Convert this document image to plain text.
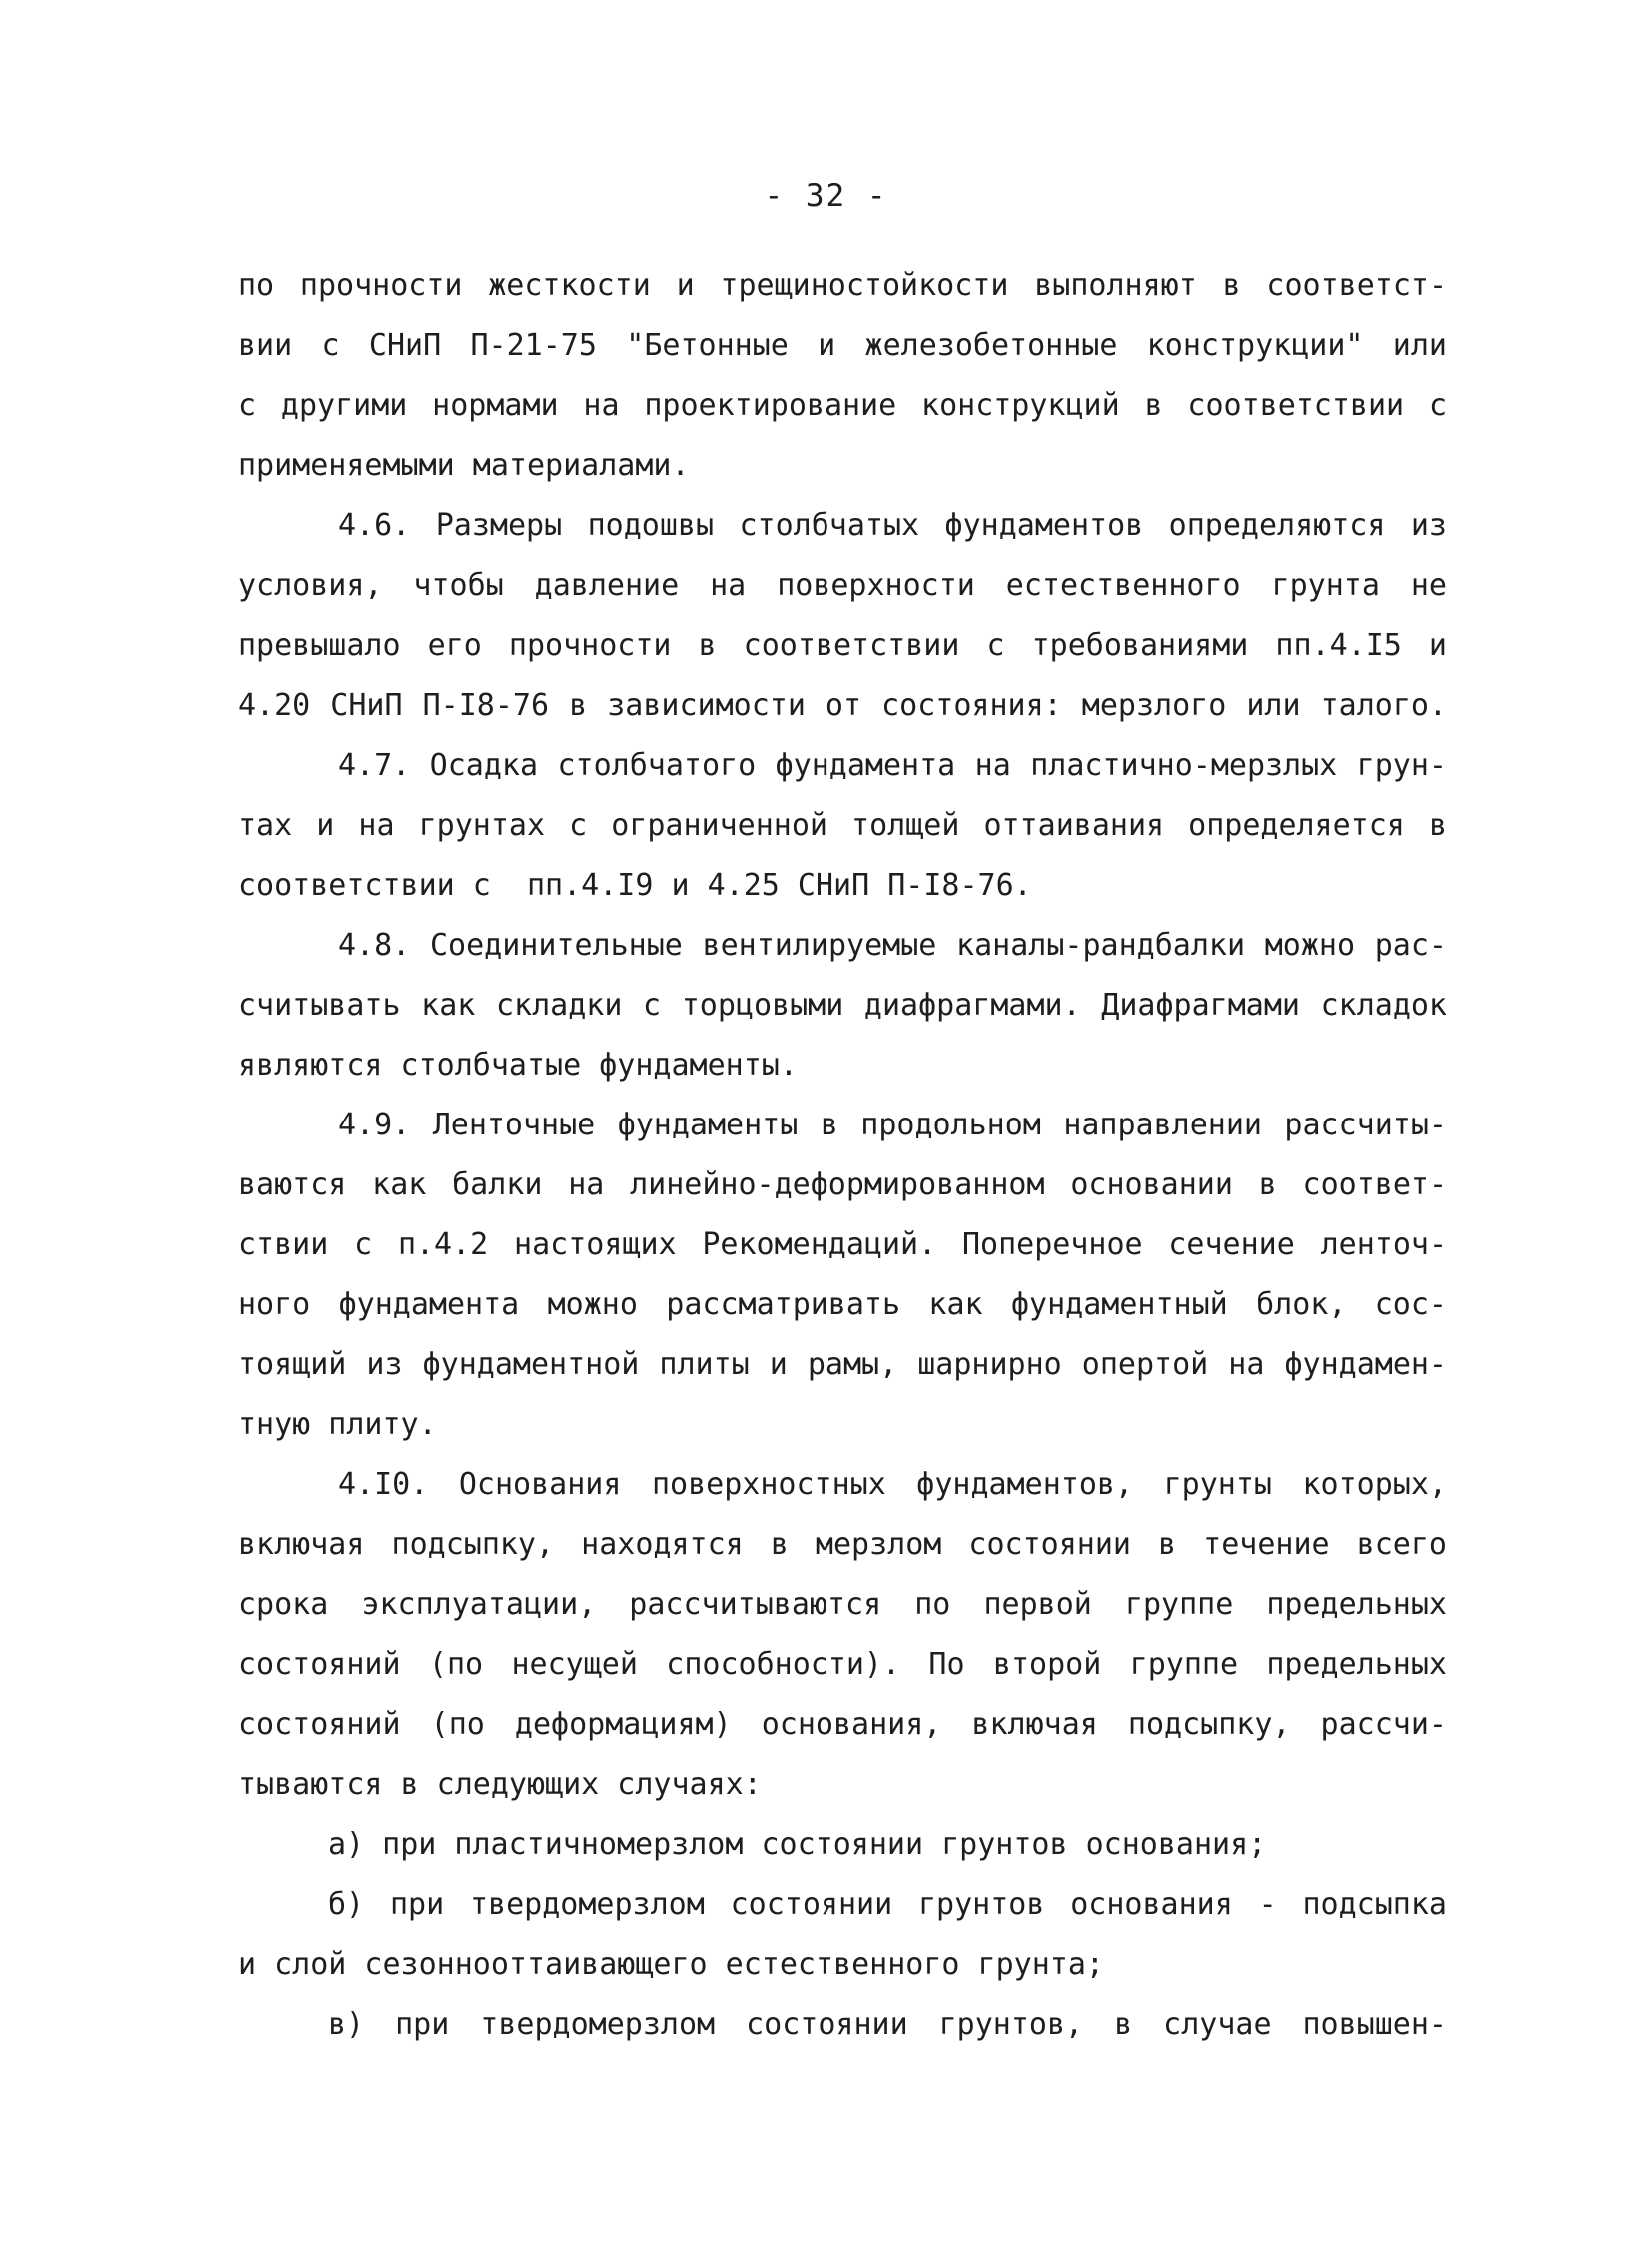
- 32 -
по прочности жесткости и трещиностойкости выполняют в соответст-
вии с СНиП П-21-75 "Бетонные и железобетонные конструкции" или
с другими нормами на проектирование конструкций в соответствии с
применяемыми материалами.
4.6. Размеры подошвы столбчатых фундаментов определяются из
условия, чтобы давление на поверхности естественного грунта не
превышало его прочности в соответствии с требованиями пп.4.I5 и
4.20 СНиП П-I8-76 в зависимости от состояния: мерзлого или талого.
4.7. Осадка столбчатого фундамента на пластично-мерзлых грун-
тах и на грунтах с ограниченной толщей оттаивания определяется в
соответствии с  пп.4.I9 и 4.25 СНиП П-I8-76.
4.8. Соединительные вентилируемые каналы-рандбалки можно рас-
считывать как складки с торцовыми диафрагмами. Диафрагмами складок
являются столбчатые фундаменты.
4.9. Ленточные фундаменты в продольном направлении рассчиты-
ваются как балки на линейно-деформированном основании в соответ-
ствии с п.4.2 настоящих Рекомендаций. Поперечное сечение ленточ-
ного фундамента можно рассматривать как фундаментный блок, сос-
тоящий из фундаментной плиты и рамы, шарнирно опертой на фундамен-
тную плиту.
4.I0. Основания поверхностных фундаментов, грунты которых,
включая подсыпку, находятся в мерзлом состоянии в течение всего
срока эксплуатации, рассчитываются по первой группе предельных
состояний (по несущей способности). По второй группе предельных
состояний (по деформациям) основания, включая подсыпку, рассчи-
тываются в следующих случаях:
а) при пластичномерзлом состоянии грунтов основания;
б) при твердомерзлом состоянии грунтов основания - подсыпка
и слой сезоннооттаивающего естественного грунта;
в) при твердомерзлом состоянии грунтов, в случае повышен-
